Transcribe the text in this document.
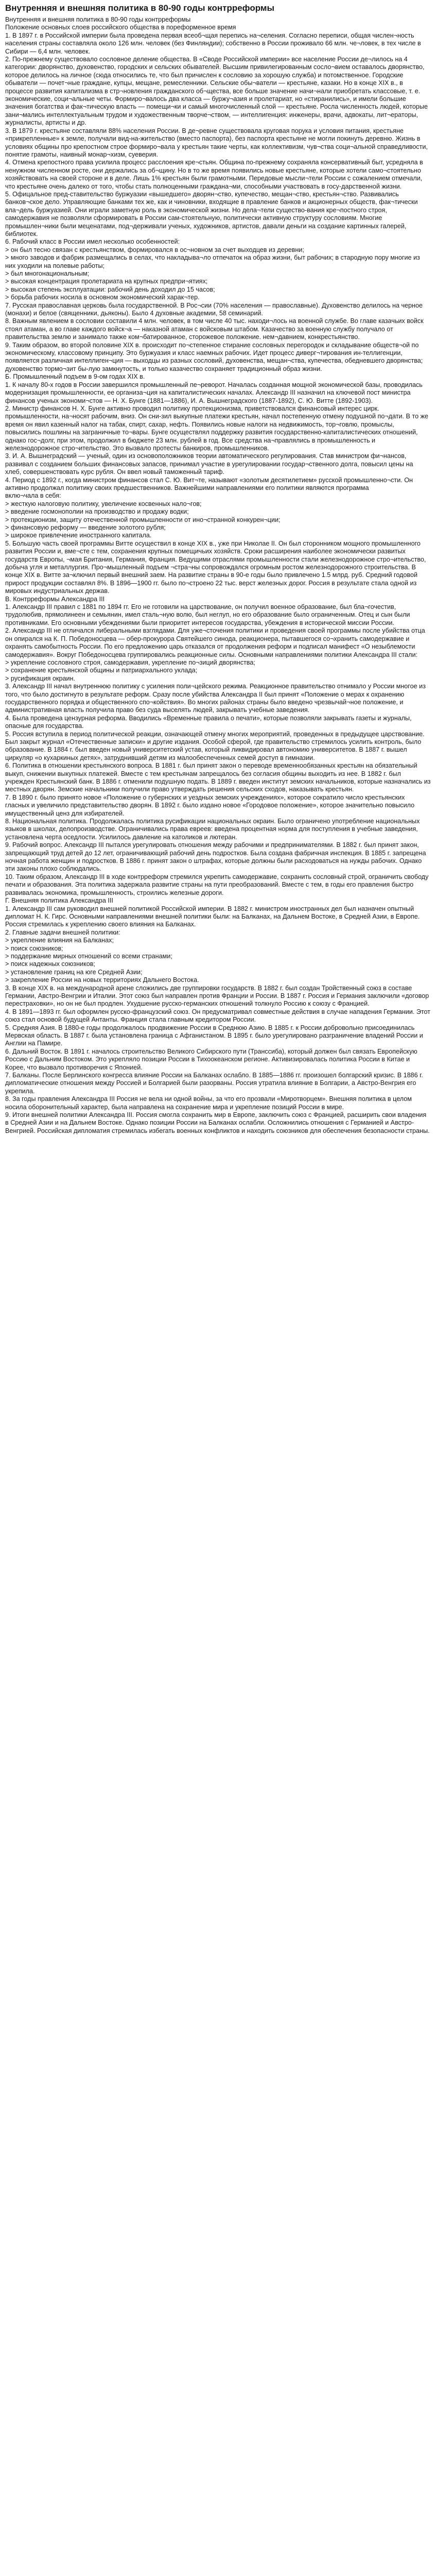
Внутренняя и внешняя политика в 80-90 годы контрреформы

Внутренняя и внешняя политика в 80-90 годы контрреформы

Положение основных слоев российского общества в пореформенное время

1. В 1897 г. в Российской империи была проведена первая всеоб¬щая перепись на¬селения. Согласно переписи, общая числен¬ность населения страны составляла около 126 млн. человек (без Финляндии); собственно в России проживало 66 млн. че¬ловек, в тех числе в Сибири — 6,4 млн. человек.

2. По-прежнему существовало сословное деление общества. В «Своде Российской империи» все население России де¬лилось на 4 категории: дворянство, духовенство, городских и сельских обывателей. Высшим привилегированным сосло¬вием оставалось дворянство, которое делилось на личное (сюда относились те, что был причислен к сословию за хорошую служба) и потомственное. Городские обыватели — почет¬ные граждане, купцы, мещане, ремесленники. Сельские обы¬ватели — крестьяне, казаки. Но в конце XIX в., в процессе развития капитализма в стр¬новления гражданского об¬щества, все больше значение начи¬нали приобретать классовые, т. е. экономические, соци¬альные четы. Формиро¬валось два класса — буржу¬азия и пролетариат, но «стиранились», и имели большие значения богатства и фак¬тическую власть — помещи¬ки и самый многочисленный слой — крестьяне. Росла численность людей, которые зани¬мались интеллектуальным трудом и художественным творче¬ством, — интеллигенция: инженеры, врачи, адвокаты, лит¬ераторы, журналисты, артисты и др.

3. В 1879 г. крестьяне составляли 88% населения России. В де¬ревне существовала круговая порука и условия питания, крестьяне «прикрепленные» к земле, получали вид-на-жительство (вместо паспорта), без паспорта крестьяне не могли покинуть деревню. Жизнь в условиях общины про крепостном строе формиро¬вала у крестьян такие черты, как коллективизм, чув¬ства соци¬альной справедливости, понятие грамоты, наивный монар¬хизм, суеверия.

4. Отмена крепостного права усилила процесс расслоения кре¬стьян. Община по-прежнему сохраняла консервативный быт, усредняла в ненужном численном росте, они держались за об¬щину. Но в то же время появились новые крестьяне, которые хотели само¬стоятельно хозяйствовать на своей стороне и в деле. Лишь 1% крестьян были грамотными. Передовые мысли¬тели России с сожалением отмечали, что крестьяне очень далеко от того, чтобы стать полноценными граждана¬ми, способными участвовать в госу-дарственной жизни.

5. Офицальное пред-ставительство буржуазии «вышедшего» дворян¬ство, купечество, мещан¬ство, крестьян¬ство. Развивались банков¬ское дело. Управляющие банками тех же, как и чиновники, входящие в правление банков и акционерных обществ, фак¬тически вла¬дель буржуазией. Они играли заметную роль в экономической жизни. Но дела¬тели существо-вания кре¬постного строя, самодержавия не позволяли сформировать в России сам-стоятельную, политически активную структуру сословиям. Многие промышлен¬ники были меценатами, под¬держивали ученых, художников, артистов, давали деньги на создание картинных галерей, библиотек.

6. Рабочий класс в России имел несколько особенностей:

> он был тесно связан с крестьянством, формировался в ос¬новном за счет выходцев из деревни;

> много заводов и фабрик размещались в селах, что накладыва¬ло отпечаток на образ жизни, быт рабочих; в стародную пору многие из них уходили на полевые работы;

> был многонациональным;

> высокая концентрация пролетариата на крупных предпри¬ятиях;

> высокая степень эксплуатации: рабочий день доходил до 15 часов;

> борьба рабочих носила в основном экономический харак¬тер.

7. Русская православная церковь была государственной. В Рос¬сии (70% населения — православные). Духовенство делилось на черное (монахи) и белое (священники, дьяконы). Было 4 духовные академии, 58 семинарий.

8. Важным явлением в сословии составили 4 млн. человек, в том числе 40 тыс. находи¬лось на военной службе. Во главе казачьих войск стоял атаман, а во главе каждого войск¬а — наказной атаман с войсковым штабом. Казачество за военную службу получало от правительства землю и занимало также ком¬батированное, сторожевое положение. нем¬давнием, конкрестьянство.

9. Таким образом, во второй половине XIX в. происходит по¬степенное стирание сословных перегородок и складывание обществ¬ой по экономическому, классовому принципу. Это буржуазия и класс наемных рабочих. Идет процесс диверг¬тирования ин-теллигенции, появляется различная интеллиген¬ция — выходцы из разных сословий, духовенства, мещан¬ства, купечества, обедневшего дворянства; духовенство тормо¬зит бы-лую замкнутость, и только казачество сохраняет традиционный образ жизни.

Б. Промышленный подъем в 9-ом годах XIX в.

1. К началу 80-х годов в России завершился промышленный пе¬реворот. Началась созданная мощной экономической базы, проводилась модернизация промышленности, ее организа¬ция на капиталистических началах. Александр III назначил на ключевой пост министра финансов ученых экономи¬стов — Н. Х. Бунге (1881—1886), И. А. Вышнеградского (1887-1892), С. Ю. Витте (1892-1903).

2. Министр финансов Н. Х. Бунге активно проводил политику протекционизма, приветствовался финансовый интерес цирк. промышленности, на¬носят рабочим, вниз. Он сни-зил выкупные платежи крестьян, начал постепенную отмену подушной по¬дати. В то же время он явил казенный налог на табак, спирт, сахар, нефть. Появились новые налоги на недвижимость, тор¬говлю, промыслы, повысились пошлины на заграничные то¬вары. Бунге осуществлял поддержку развития государственно-капиталистических отношений, однако гос¬долг, при этом, продолжил в бюджете 23 млн. рублей в год. Все средства на¬правлялись в промышленность и железнодорожное стро¬ительство. Это вызвало протесты банкиров, промышленников.

3. И. А. Вышнеградский — ученый, один из основоположников теории автоматического регулирования. Став министром фи¬нансов, развивал с созданием больших финансовых запасов, принимал участие в урегулировании государ¬ственного долга, повысил цены на хлеб, совершенствовать курс рубля. Он ввел новый таможенный тариф.

4. Период с 1892 г., когда министром финансов стал С. Ю. Вит¬те, называют «золотым десятилетием» русской промышленно¬сти. Он активно продолжал политику своих предшественников. Важнейшими направлениями его политики являются программа

вклю¬чала в себя:

> жесткую налоговую политику, увеличение косвенных нало¬гов;

> введение госмонополии на производство и продажу водки;

> протекционизм, защиту отечественной промышленности от ино¬странной конкурен¬ции;

> финансовую реформу — введение золотого рубля;

> широкое привлечение иностранного капитала.

5. Большую часть своей программы Витте осуществил в конце XIX в., уже при Николае II. Он был сторонником мощного промышленного развития России и, вме¬сте с тем, сохранения крупных помещичьих хозяйств. Сроки расширения наиболее экономически развитых государств Европы, ¬мая Британия, Германия, Франция. Ведущими отраслями промышленности стали железнодорожное стро¬ительство, добыча угля и металлургия. Про¬мышленный подъем ¬стра¬ны сопровождался огромным ростом железнодорожного строительства. В конце XIX в. Витте за¬ключил первый внешний заем. На развитие страны в 90-е годы было привлечено 1.5 млрд. руб. Средний годовой прирост продукции составлял 8%. В 1896—1900 гг. было по¬строено 22 тыс. верст железных дорог. Россия в результате стала одной из мировых индустриальных держав.

В. Контрреформы Александра III

1. Александр III правил с 1881 по 1894 гг. Его не готовили на царствование, он получил военное образование, был бла¬гочестив, трудолюбив, прямолинеен и семьянин, имел сталь¬ную волю, был неглуп, но его образование было ограниченным. Отец и сын были противниками. Его основными убеждениями были приоритет интересов государства, убеждения в исторической миссии России.

2. Александр III не отличался либеральными взглядами. Для уже¬сточения политики и проведения своей программы после убийства отца он опирался на К. П. Победоносцева — обер-прокурора Святейшего синода, реакционера, пытавшегося со¬хранить самодержавие и охранять самобытность России. По его предложению царь отказался от продолжения реформ и подписал манифест «О незыблемости самодержавия». Вокруг Победоносцева группировались реакционные силы. Основными направлениями политики Александра III стали:

> укрепление сословного строя, самодержавия, укрепление по¬зиций дворянства;

> сохранение крестьянской общины и патриархального уклада;

> русификация окраин.

3. Александр III начал внутреннюю политику с усиления поли¬цейского режима. Реакционное правительство отнимало у России многое из того, что было достигнуто в результате реформ. Сразу после убийства Александра II был принят «Положение о мерах к охранению государственного порядка и общественного спо¬койствия». Во многих районах страны было введено чрезвычай¬ное положение, и административная власть получила право без суда выселять людей, закрывать учебные заведения.

4. Была проведена цензурная реформа. Вводились «Временные правила о печати», которые позволяли закрывать газеты и журналы, опасные для государства.

5. Россия вступила в период политической реакции, означающей отмену многих мероприятий, проведенных в предыдущее царствование. Был закрыт журнал «Отечественные записки» и другие издания. Особой сферой, где правительство стремилось усилить контроль, было образование. В 1884 г. был введен новый университетский устав, который ликвидировал автономию университетов. В 1887 г. вышел циркуляр «о кухаркиных детях», затруднивший детям из малообеспеченных семей доступ в гимназии.

6. Политика в отношении крестьянского вопроса. В 1881 г. был принят закон о переводе временнообязанных крестьян на обязательный выкуп, снижении выкупных платежей. Вместе с тем крестьянам запрещалось без согласия общины выходить из нее. В 1882 г. был учрежден Крестьянский банк. В 1886 г. отменили подушную подать. В 1889 г. введен институт земских начальников, которые назначались из местных дворян. Земские начальники получили право утверждать решения сельских сходов, наказывать крестьян.

7. В 1890 г. было принято новое «Положение о губернских и уездных земских учреждениях», которое сократило число крестьянских гласных и увеличило представительство дворян. В 1892 г. было издано новое «Городовое положение», которое значительно повысило имущественный ценз для избирателей.

8. Национальная политика. Продолжалась политика русификации национальных окраин. Было ограничено употребление национальных языков в школах, делопроизводстве. Ограничивались права евреев: введена процентная норма для поступления в учебные заведения, установлена черта оседлости. Усилилось давление на католиков и лютеран.

9. Рабочий вопрос. Александр III пытался урегулировать отношения между рабочими и предпринимателями. В 1882 г. был принят закон, запрещающий труд детей до 12 лет, ограничивающий рабочий день подростков. Была создана фабричная инспекция. В 1885 г. запрещена ночная работа женщин и подростков. В 1886 г. принят закон о штрафах, которые должны были расходоваться на нужды рабочих. Однако эти законы плохо соблюдались.

10. Таким образом, Александр III в ходе контрреформ стремился укрепить самодержавие, сохранить сословный строй, ограничить свободу печати и образования. Эта политика задержала развитие страны на пути преобразований. Вместе с тем, в годы его правления быстро развивалась экономика, промышленность, строились железные дороги.

Г. Внешняя политика Александра III

1. Александр III сам руководил внешней политикой Российской империи. В 1882 г. министром иностранных дел был назначен опытный дипломат Н. К. Гирс. Основными направлениями внешней политики были: на Балканах, на Дальнем Востоке, в Средней Азии, в Европе. Россия стремилась к укреплению своего влияния на Балканах.

2. Главные задачи внешней политики:

> укрепление влияния на Балканах;

> поиск союзников;

> поддержание мирных отношений со всеми странами;

> поиск надежных союзников;

> установление границ на юге Средней Азии;

> закрепление России на новых территориях Дальнего Востока.

3. В конце XIX в. на международной арене сложились две группировки государств. В 1882 г. был создан Тройственный союз в составе Германии, Австро-Венгрии и Италии. Этот союз был направлен против Франции и России. В 1887 г. Россия и Германия заключили «договор перестраховки», но он не был продлен. Ухудшение русско-германских отношений толкнуло Россию к союзу с Францией.

4. В 1891—1893 гг. был оформлен русско-французский союз. Он предусматривал совместные действия в случае нападения Германии. Этот союз стал основой будущей Антанты. Франция стала главным кредитором России.

5. Средняя Азия. В 1880-е годы продолжалось продвижение России в Среднюю Азию. В 1885 г. к России добровольно присоединилась Мервская область. В 1887 г. была установлена граница с Афганистаном. В 1895 г. было урегулировано разграничение владений России и Англии на Памире.

6. Дальний Восток. В 1891 г. началось строительство Великого Сибирского пути (Транссиба), который должен был связать Европейскую Россию с Дальним Востоком. Это укрепляло позиции России в Тихоокеанском регионе. Активизировалась политика России в Китае и Корее, что вызвало противоречия с Японией.

7. Балканы. После Берлинского конгресса влияние России на Балканах ослабло. В 1885—1886 гг. произошел болгарский кризис. В 1886 г. дипломатические отношения между Россией и Болгарией были разорваны. Россия утратила влияние в Болгарии, а Австро-Венгрия его укрепила.

8. За годы правления Александра III Россия не вела ни одной войны, за что его прозвали «Миротворцем». Внешняя политика в целом носила оборонительный характер, была направлена на сохранение мира и укрепление позиций России в мире.

9. Итоги внешней политики Александра III. Россия смогла сохранить мир в Европе, заключить союз с Францией, расширить свои владения в Средней Азии и на Дальнем Востоке. Однако позиции России на Балканах ослабли. Осложнились отношения с Германией и Австро-Венгрией. Российская дипломатия стремилась избегать военных конфликтов и находить союзников для обеспечения безопасности страны.
